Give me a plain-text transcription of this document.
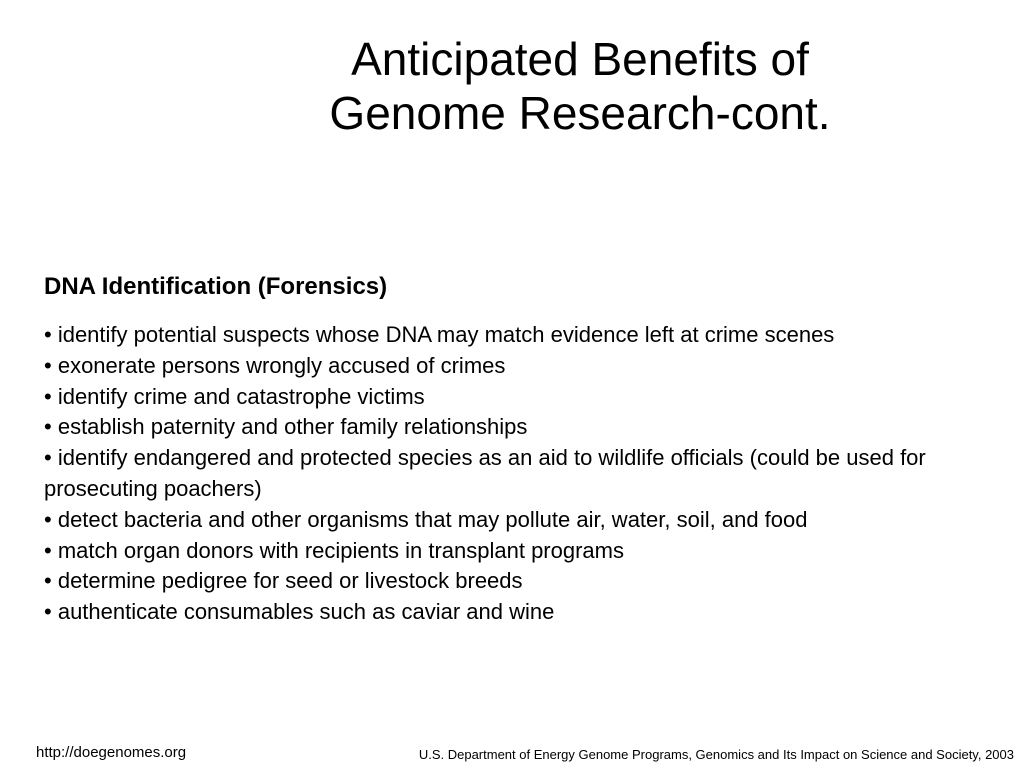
Anticipated Benefits of
Genome Research-cont.
DNA Identification (Forensics)
• identify potential suspects whose DNA may match evidence left at crime scenes
• exonerate persons wrongly accused of crimes
• identify crime and catastrophe victims
• establish paternity and other family relationships
• identify endangered and protected species as an aid to wildlife officials (could be used for prosecuting poachers)
• detect bacteria and other organisms that may pollute air, water, soil, and food
• match organ donors with recipients in transplant programs
• determine pedigree for seed or livestock breeds
• authenticate consumables such as caviar and wine
http://doegenomes.org	U.S. Department of Energy Genome Programs, Genomics and Its Impact on Science and Society, 2003
